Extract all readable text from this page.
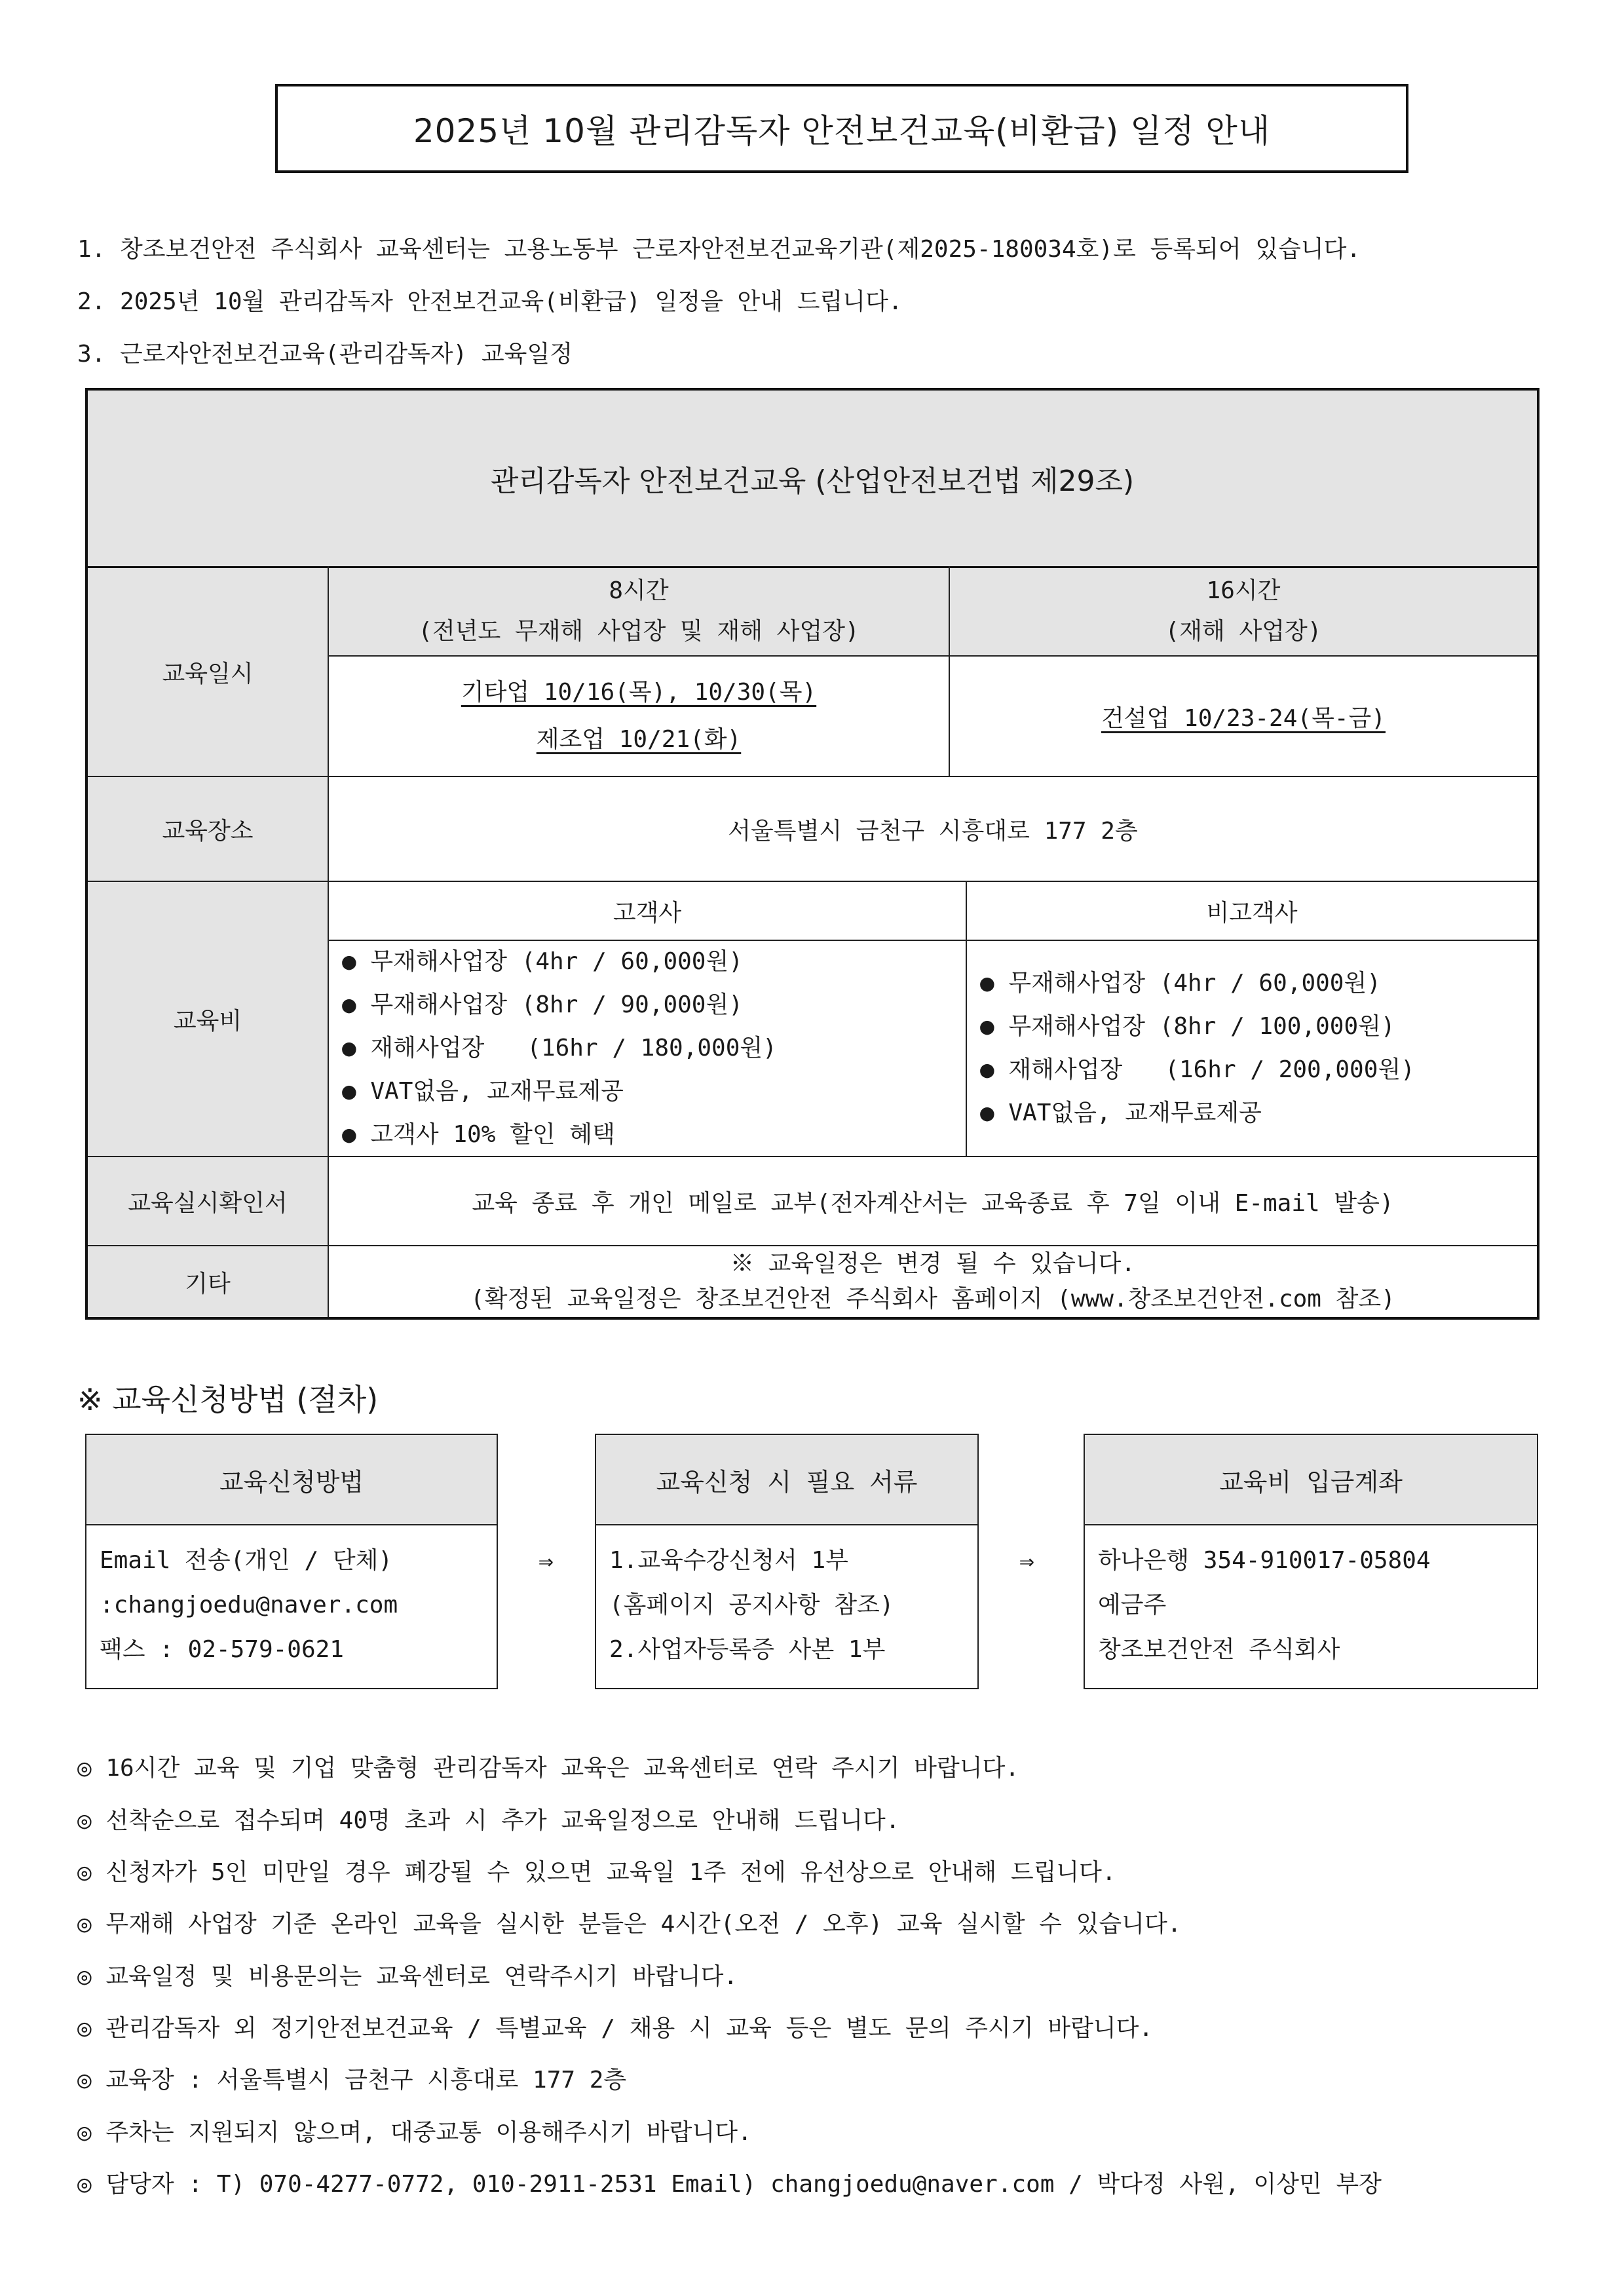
2025년 10월 관리감독자 안전보건교육(비환급) 일정 안내
1. 창조보건안전 주식회사 교육센터는 고용노동부 근로자안전보건교육기관(제2025-180034호)로 등록되어 있습니다.
2. 2025년 10월 관리감독자 안전보건교육(비환급) 일정을 안내 드립니다.
3. 근로자안전보건교육(관리감독자) 교육일정
관리감독자 안전보건교육 (산업안전보건법 제29조)
교육일시
교육장소
교육비
교육실시확인서
기타
8시간
(전년도 무재해 사업장 및 재해 사업장)
16시간
(재해 사업장)
기타업 10/16(목), 10/30(목)
제조업 10/21(화)
건설업 10/23-24(목-금)
서울특별시 금천구 시흥대로 177 2층
고객사	비고객사
● 무재해사업장 (4hr / 60,000원)
● 무재해사업장 (8hr / 90,000원)
● 재해사업장   (16hr / 180,000원)
● VAT없음, 교재무료제공
● 고객사 10% 할인 혜택
● 무재해사업장 (4hr / 60,000원)
● 무재해사업장 (8hr / 100,000원)
● 재해사업장   (16hr / 200,000원)
● VAT없음, 교재무료제공
교육 종료 후 개인 메일로 교부(전자계산서는 교육종료 후 7일 이내 E-mail 발송)
※ 교육일정은 변경 될 수 있습니다.
(확정된 교육일정은 창조보건안전 주식회사 홈페이지 (www.창조보건안전.com 참조)
※ 교육신청방법 (절차)
교육신청방법
Email 전송(개인 / 단체)
:changjoedu@naver.com
팩스 : 02-579-0621
⇒
교육신청 시 필요 서류
1.교육수강신청서 1부
(홈페이지 공지사항 참조)
2.사업자등록증 사본 1부
⇒
교육비 입금계좌
하나은행 354-910017-05804
예금주
창조보건안전 주식회사
◎ 16시간 교육 및 기업 맞춤형 관리감독자 교육은 교육센터로 연락 주시기 바랍니다.
◎ 선착순으로 접수되며 40명 초과 시 추가 교육일정으로 안내해 드립니다.
◎ 신청자가 5인 미만일 경우 폐강될 수 있으면 교육일 1주 전에 유선상으로 안내해 드립니다.
◎ 무재해 사업장 기준 온라인 교육을 실시한 분들은 4시간(오전 / 오후) 교육 실시할 수 있습니다.
◎ 교육일정 및 비용문의는 교육센터로 연락주시기 바랍니다.
◎ 관리감독자 외 정기안전보건교육 / 특별교육 / 채용 시 교육 등은 별도 문의 주시기 바랍니다.
◎ 교육장 : 서울특별시 금천구 시흥대로 177 2층
◎ 주차는 지원되지 않으며, 대중교통 이용해주시기 바랍니다.
◎ 담당자 : T) 070-4277-0772, 010-2911-2531 Email) changjoedu@naver.com / 박다정 사원, 이상민 부장
